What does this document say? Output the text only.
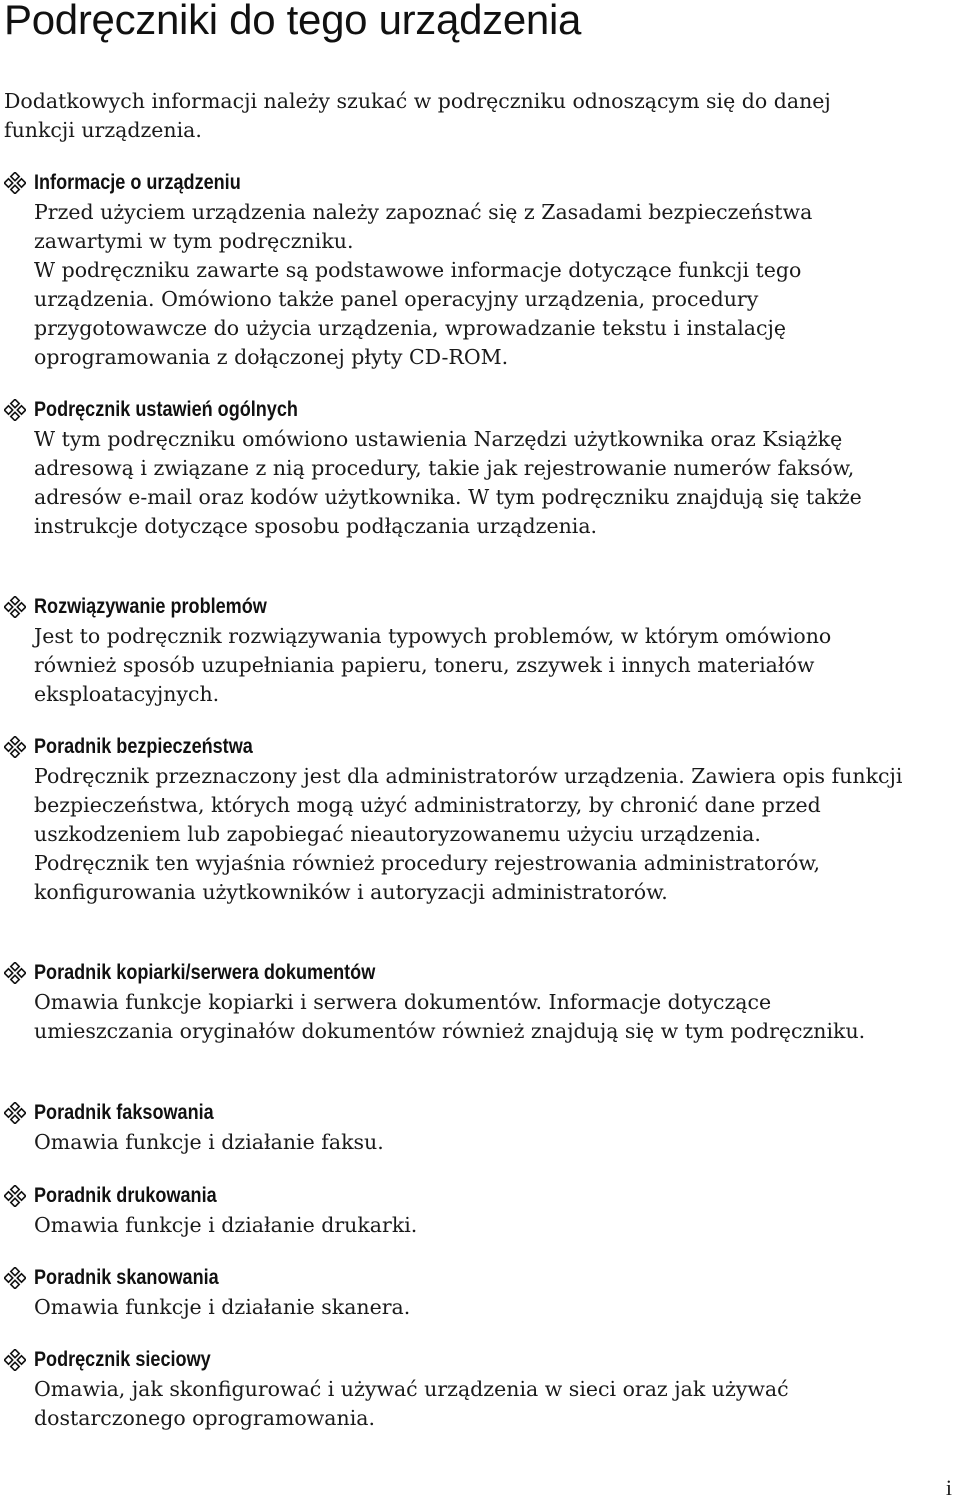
Podręczniki do tego urządzenia

Dodatkowych informacji należy szukać w podręczniku odnoszącym się do danej funkcji urządzenia.

Informacje o urządzeniu

Przed użyciem urządzenia należy zapoznać się z Zasadami bezpieczeństwa zawartymi w tym podręczniku.

W podręczniku zawarte są podstawowe informacje dotyczące funkcji tego urządzenia. Omówiono także panel operacyjny urządzenia, procedury przygotowawcze do użycia urządzenia, wprowadzanie tekstu i instalację oprogramowania z dołączonej płyty CD-ROM.

Podręcznik ustawień ogólnych

W tym podręczniku omówiono ustawienia Narzędzi użytkownika oraz Książkę adresową i związane z nią procedury, takie jak rejestrowanie numerów faksów, adresów e-mail oraz kodów użytkownika. W tym podręczniku znajdują się także instrukcje dotyczące sposobu podłączania urządzenia.

Rozwiązywanie problemów

Jest to podręcznik rozwiązywania typowych problemów, w którym omówiono również sposób uzupełniania papieru, toneru, zszywek i innych materiałów eksploatacyjnych.

Poradnik bezpieczeństwa

Podręcznik przeznaczony jest dla administratorów urządzenia. Zawiera opis funkcji bezpieczeństwa, których mogą użyć administratorzy, by chronić dane przed uszkodzeniem lub zapobiegać nieautoryzowanemu użyciu urządzenia.

Podręcznik ten wyjaśnia również procedury rejestrowania administratorów, konfigurowania użytkowników i autoryzacji administratorów.

Poradnik kopiarki/serwera dokumentów

Omawia funkcje kopiarki i serwera dokumentów. Informacje dotyczące umieszczania oryginałów dokumentów również znajdują się w tym podręczniku.

Poradnik faksowania

Omawia funkcje i działanie faksu.

Poradnik drukowania

Omawia funkcje i działanie drukarki.

Poradnik skanowania

Omawia funkcje i działanie skanera.

Podręcznik sieciowy

Omawia, jak skonfigurować i używać urządzenia w sieci oraz jak używać dostarczonego oprogramowania.

i
